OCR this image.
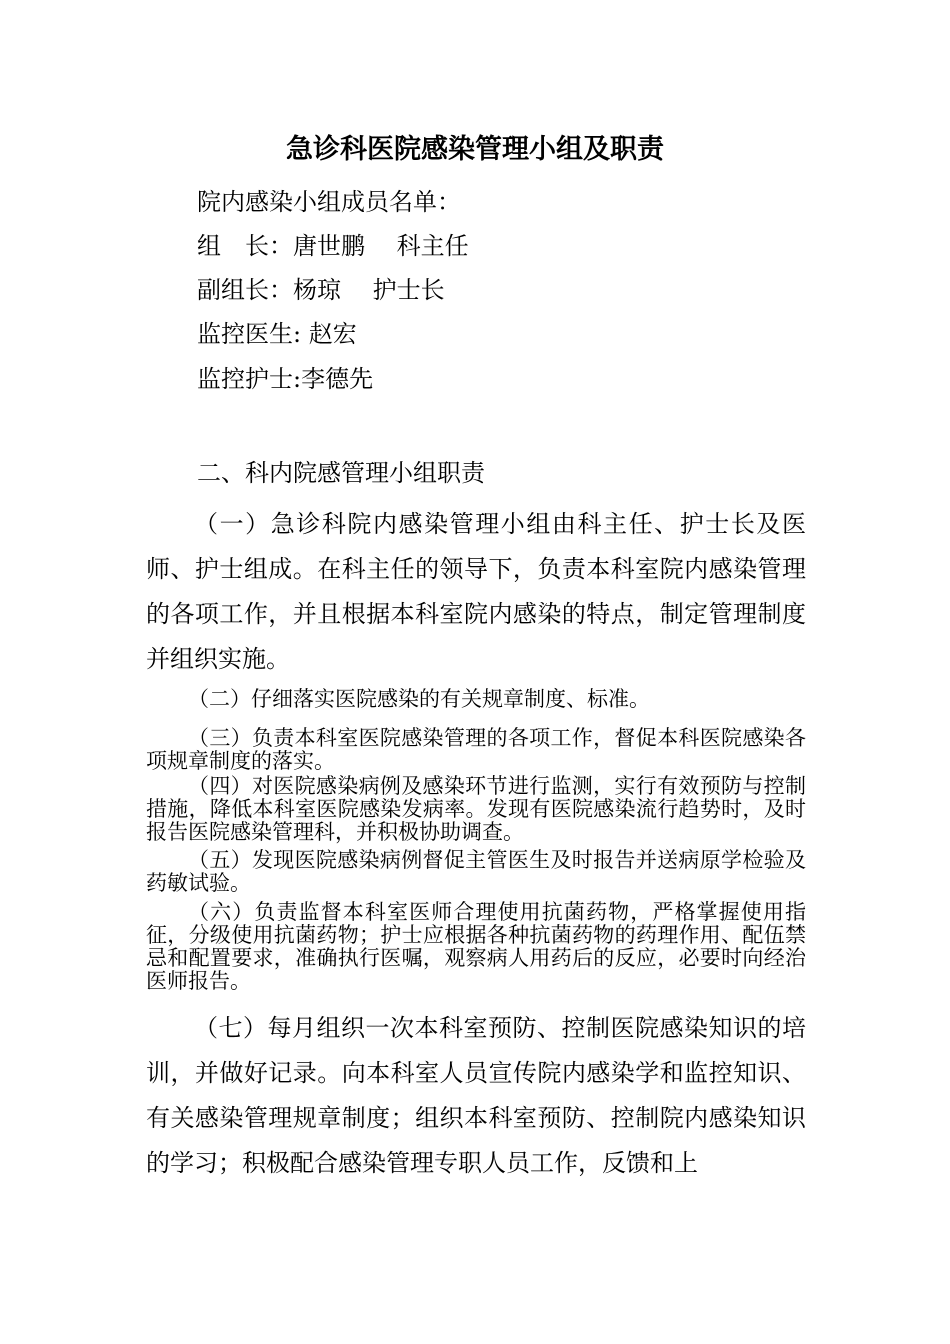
急诊科医院感染管理小组及职责
院内感染小组成员名单：
组　长：唐世鹏　 科主任
副组长：杨琼　 护士长
监控医生: 赵宏
监控护士:李德先
二、科内院感管理小组职责
（一）急诊科院内感染管理小组由科主任、护士长及医师、护士组成。在科主任的领导下，负责本科室院内感染管理的各项工作，并且根据本科室院内感染的特点，制定管理制度并组织实施。
（二）仔细落实医院感染的有关规章制度、标准。
（三）负责本科室医院感染管理的各项工作，督促本科医院感染各项规章制度的落实。
（四）对医院感染病例及感染环节进行监测，实行有效预防与控制措施，降低本科室医院感染发病率。发现有医院感染流行趋势时，及时报告医院感染管理科，并积极协助调查。
（五）发现医院感染病例督促主管医生及时报告并送病原学检验及药敏试验。
（六）负责监督本科室医师合理使用抗菌药物，严格掌握使用指征，分级使用抗菌药物；护士应根据各种抗菌药物的药理作用、配伍禁忌和配置要求，准确执行医嘱，观察病人用药后的反应，必要时向经治医师报告。
（七）每月组织一次本科室预防、控制医院感染知识的培训，并做好记录。向本科室人员宣传院内感染学和监控知识、有关感染管理规章制度；组织本科室预防、控制院内感染知识的学习；积极配合感染管理专职人员工作，反馈和上
